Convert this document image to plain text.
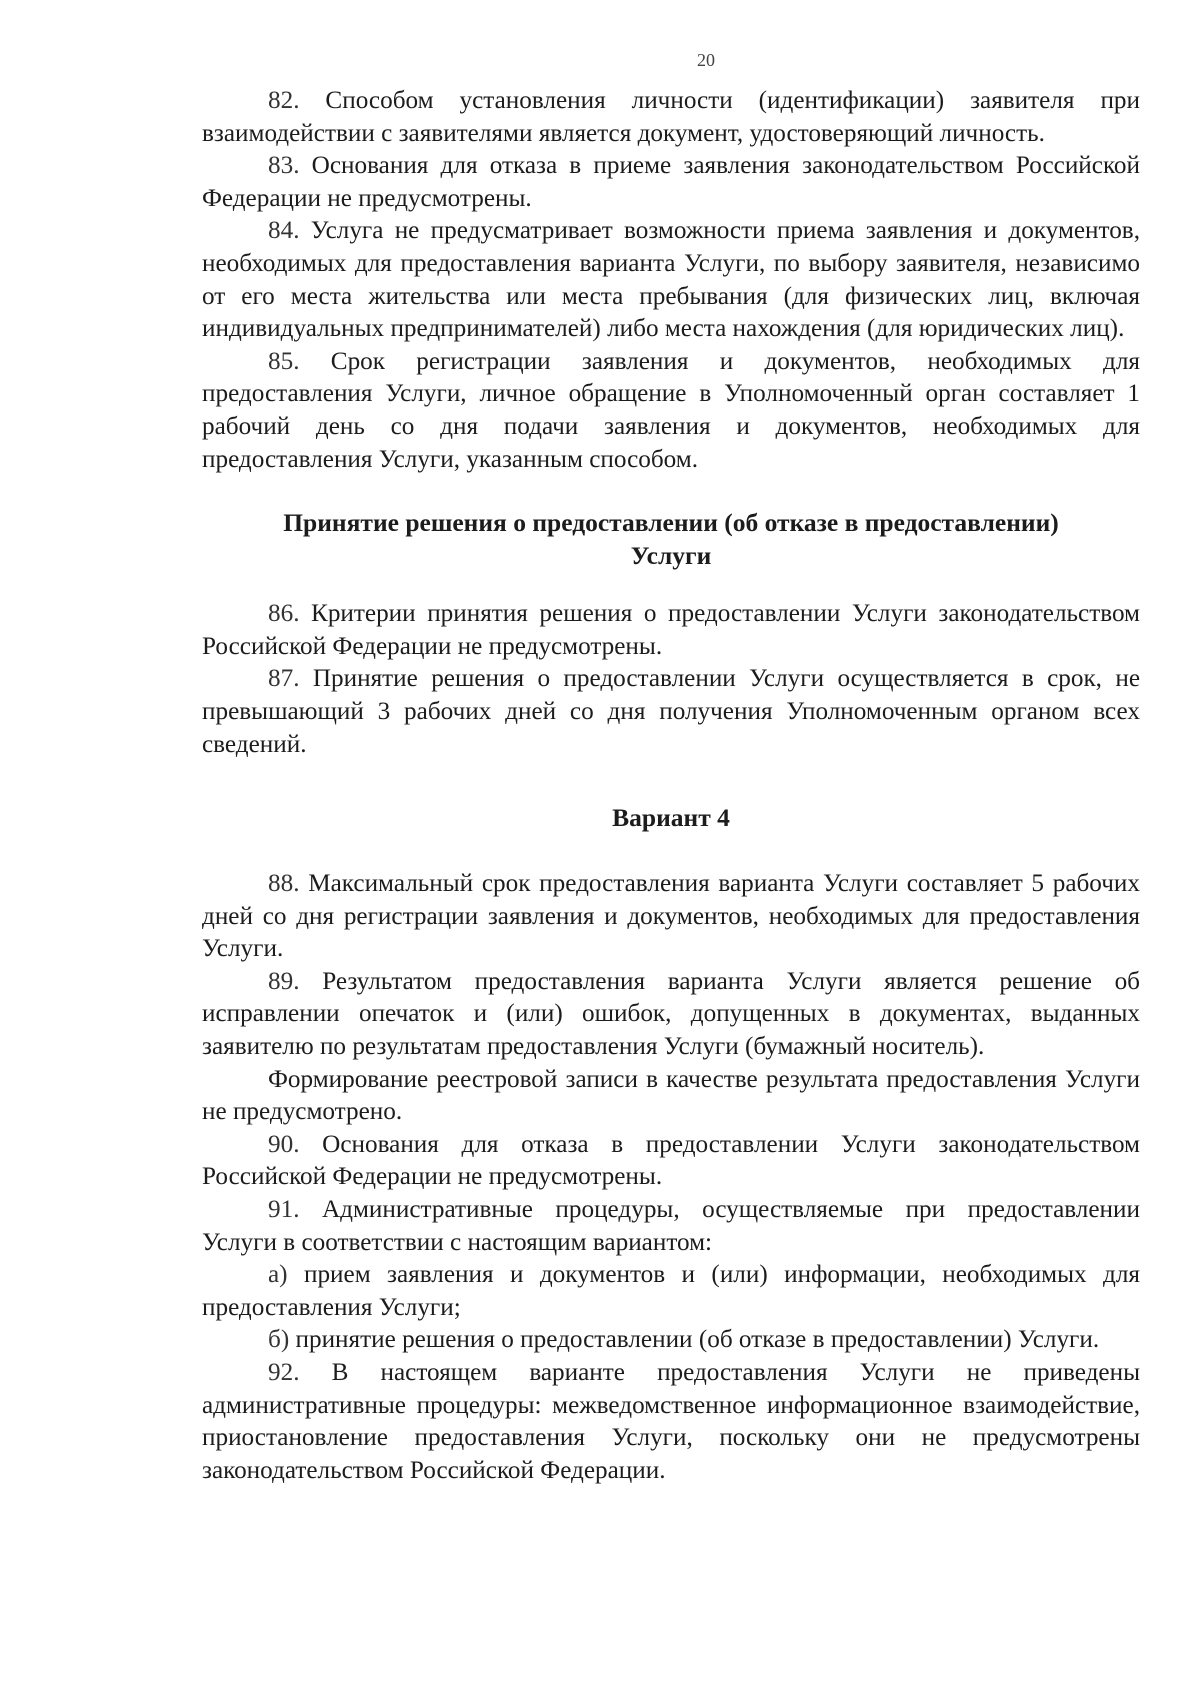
20

82. Способом установления личности (идентификации) заявителя при взаимодействии с заявителями является документ, удостоверяющий личность.

83. Основания для отказа в приеме заявления законодательством Российской Федерации не предусмотрены.

84. Услуга не предусматривает возможности приема заявления и документов, необходимых для предоставления варианта Услуги, по выбору заявителя, независимо от его места жительства или места пребывания (для физических лиц, включая индивидуальных предпринимателей) либо места нахождения (для юридических лиц).

85. Срок регистрации заявления и документов, необходимых для предоставления Услуги, личное обращение в Уполномоченный орган составляет 1 рабочий день со дня подачи заявления и документов, необходимых для предоставления Услуги, указанным способом.

Принятие решения о предоставлении (об отказе в предоставлении)

Услуги

86. Критерии принятия решения о предоставлении Услуги законодательством Российской Федерации не предусмотрены.

87. Принятие решения о предоставлении Услуги осуществляется в срок, не превышающий 3 рабочих дней со дня получения Уполномоченным органом всех сведений.

Вариант 4

88. Максимальный срок предоставления варианта Услуги составляет 5 рабочих дней со дня регистрации заявления и документов, необходимых для предоставления Услуги.

89. Результатом предоставления варианта Услуги является решение об исправлении опечаток и (или) ошибок, допущенных в документах, выданных заявителю по результатам предоставления Услуги (бумажный носитель).

Формирование реестровой записи в качестве результата предоставления Услуги не предусмотрено.

90. Основания для отказа в предоставлении Услуги законодательством Российской Федерации не предусмотрены.

91. Административные процедуры, осуществляемые при предоставлении Услуги в соответствии с настоящим вариантом:

а) прием заявления и документов и (или) информации, необходимых для предоставления Услуги;

б) принятие решения о предоставлении (об отказе в предоставлении) Услуги.

92. В настоящем варианте предоставления Услуги не приведены административные процедуры: межведомственное информационное взаимодействие, приостановление предоставления Услуги, поскольку они не предусмотрены законодательством Российской Федерации.
